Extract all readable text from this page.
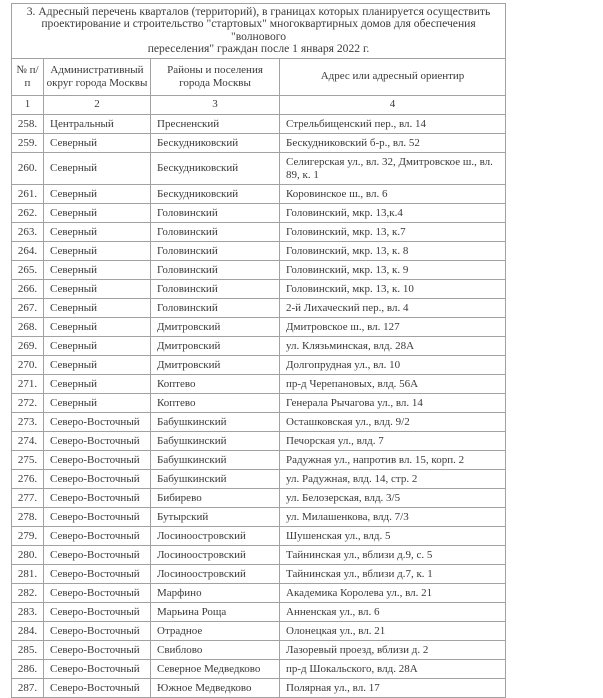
3. Адресный перечень кварталов (территорий), в границах которых планируется осуществить
проектирование и строительство "стартовых" многоквартирных домов для обеспечения
"волнового
переселения" граждан после 1 января 2022 г.			

№ п/п	Административный округ города Москвы	Районы и поселения города Москвы	Адрес или адресный ориентир
1	2	3	4
258.	Центральный	Пресненский	Стрельбищенский пер., вл. 14
259.	Северный	Бескудниковский	Бескудниковский б-р., вл. 52
260.	Северный	Бескудниковский	Селигерская ул., вл. 32, Дмитровское ш., вл. 89, к. 1
261.	Северный	Бескудниковский	Коровинское ш., вл. 6
262.	Северный	Головинский	Головинский, мкр. 13,к.4
263.	Северный	Головинский	Головинский, мкр. 13, к.7
264.	Северный	Головинский	Головинский, мкр. 13, к. 8
265.	Северный	Головинский	Головинский, мкр. 13, к. 9
266.	Северный	Головинский	Головинский, мкр. 13, к. 10
267.	Северный	Головинский	2-й Лихаческий пер., вл. 4
268.	Северный	Дмитровский	Дмитровское ш., вл. 127
269.	Северный	Дмитровский	ул. Клязьминская, влд. 28А
270.	Северный	Дмитровский	Долгопрудная ул., вл. 10
271.	Северный	Коптево	пр-д Черепановых, влд. 56А
272.	Северный	Коптево	Генерала Рычагова ул., вл. 14
273.	Северо-Восточный	Бабушкинский	Осташковская ул., влд. 9/2
274.	Северо-Восточный	Бабушкинский	Печорская ул., влд. 7
275.	Северо-Восточный	Бабушкинский	Радужная ул., напротив вл. 15, корп. 2
276.	Северо-Восточный	Бабушкинский	ул. Радужная, влд. 14, стр. 2
277.	Северо-Восточный	Бибирево	ул. Белозерская, влд. 3/5
278.	Северо-Восточный	Бутырский	ул. Милашенкова, влд. 7/3
279.	Северо-Восточный	Лосиноостровский	Шушенская ул., влд. 5
280.	Северо-Восточный	Лосиноостровский	Тайнинская ул., вблизи д.9, с. 5
281.	Северо-Восточный	Лосиноостровский	Тайнинская ул., вблизи д.7, к. 1
282.	Северо-Восточный	Марфино	Академика Королева ул., вл. 21
283.	Северо-Восточный	Марьина Роща	Анненская ул., вл. 6
284.	Северо-Восточный	Отрадное	Олонецкая ул., вл. 21
285.	Северо-Восточный	Свиблово	Лазоревый проезд, вблизи д. 2
286.	Северо-Восточный	Северное Медведково	пр-д Шокальского, влд. 28А
287.	Северо-Восточный	Южное Медведково	Полярная ул., вл. 17
